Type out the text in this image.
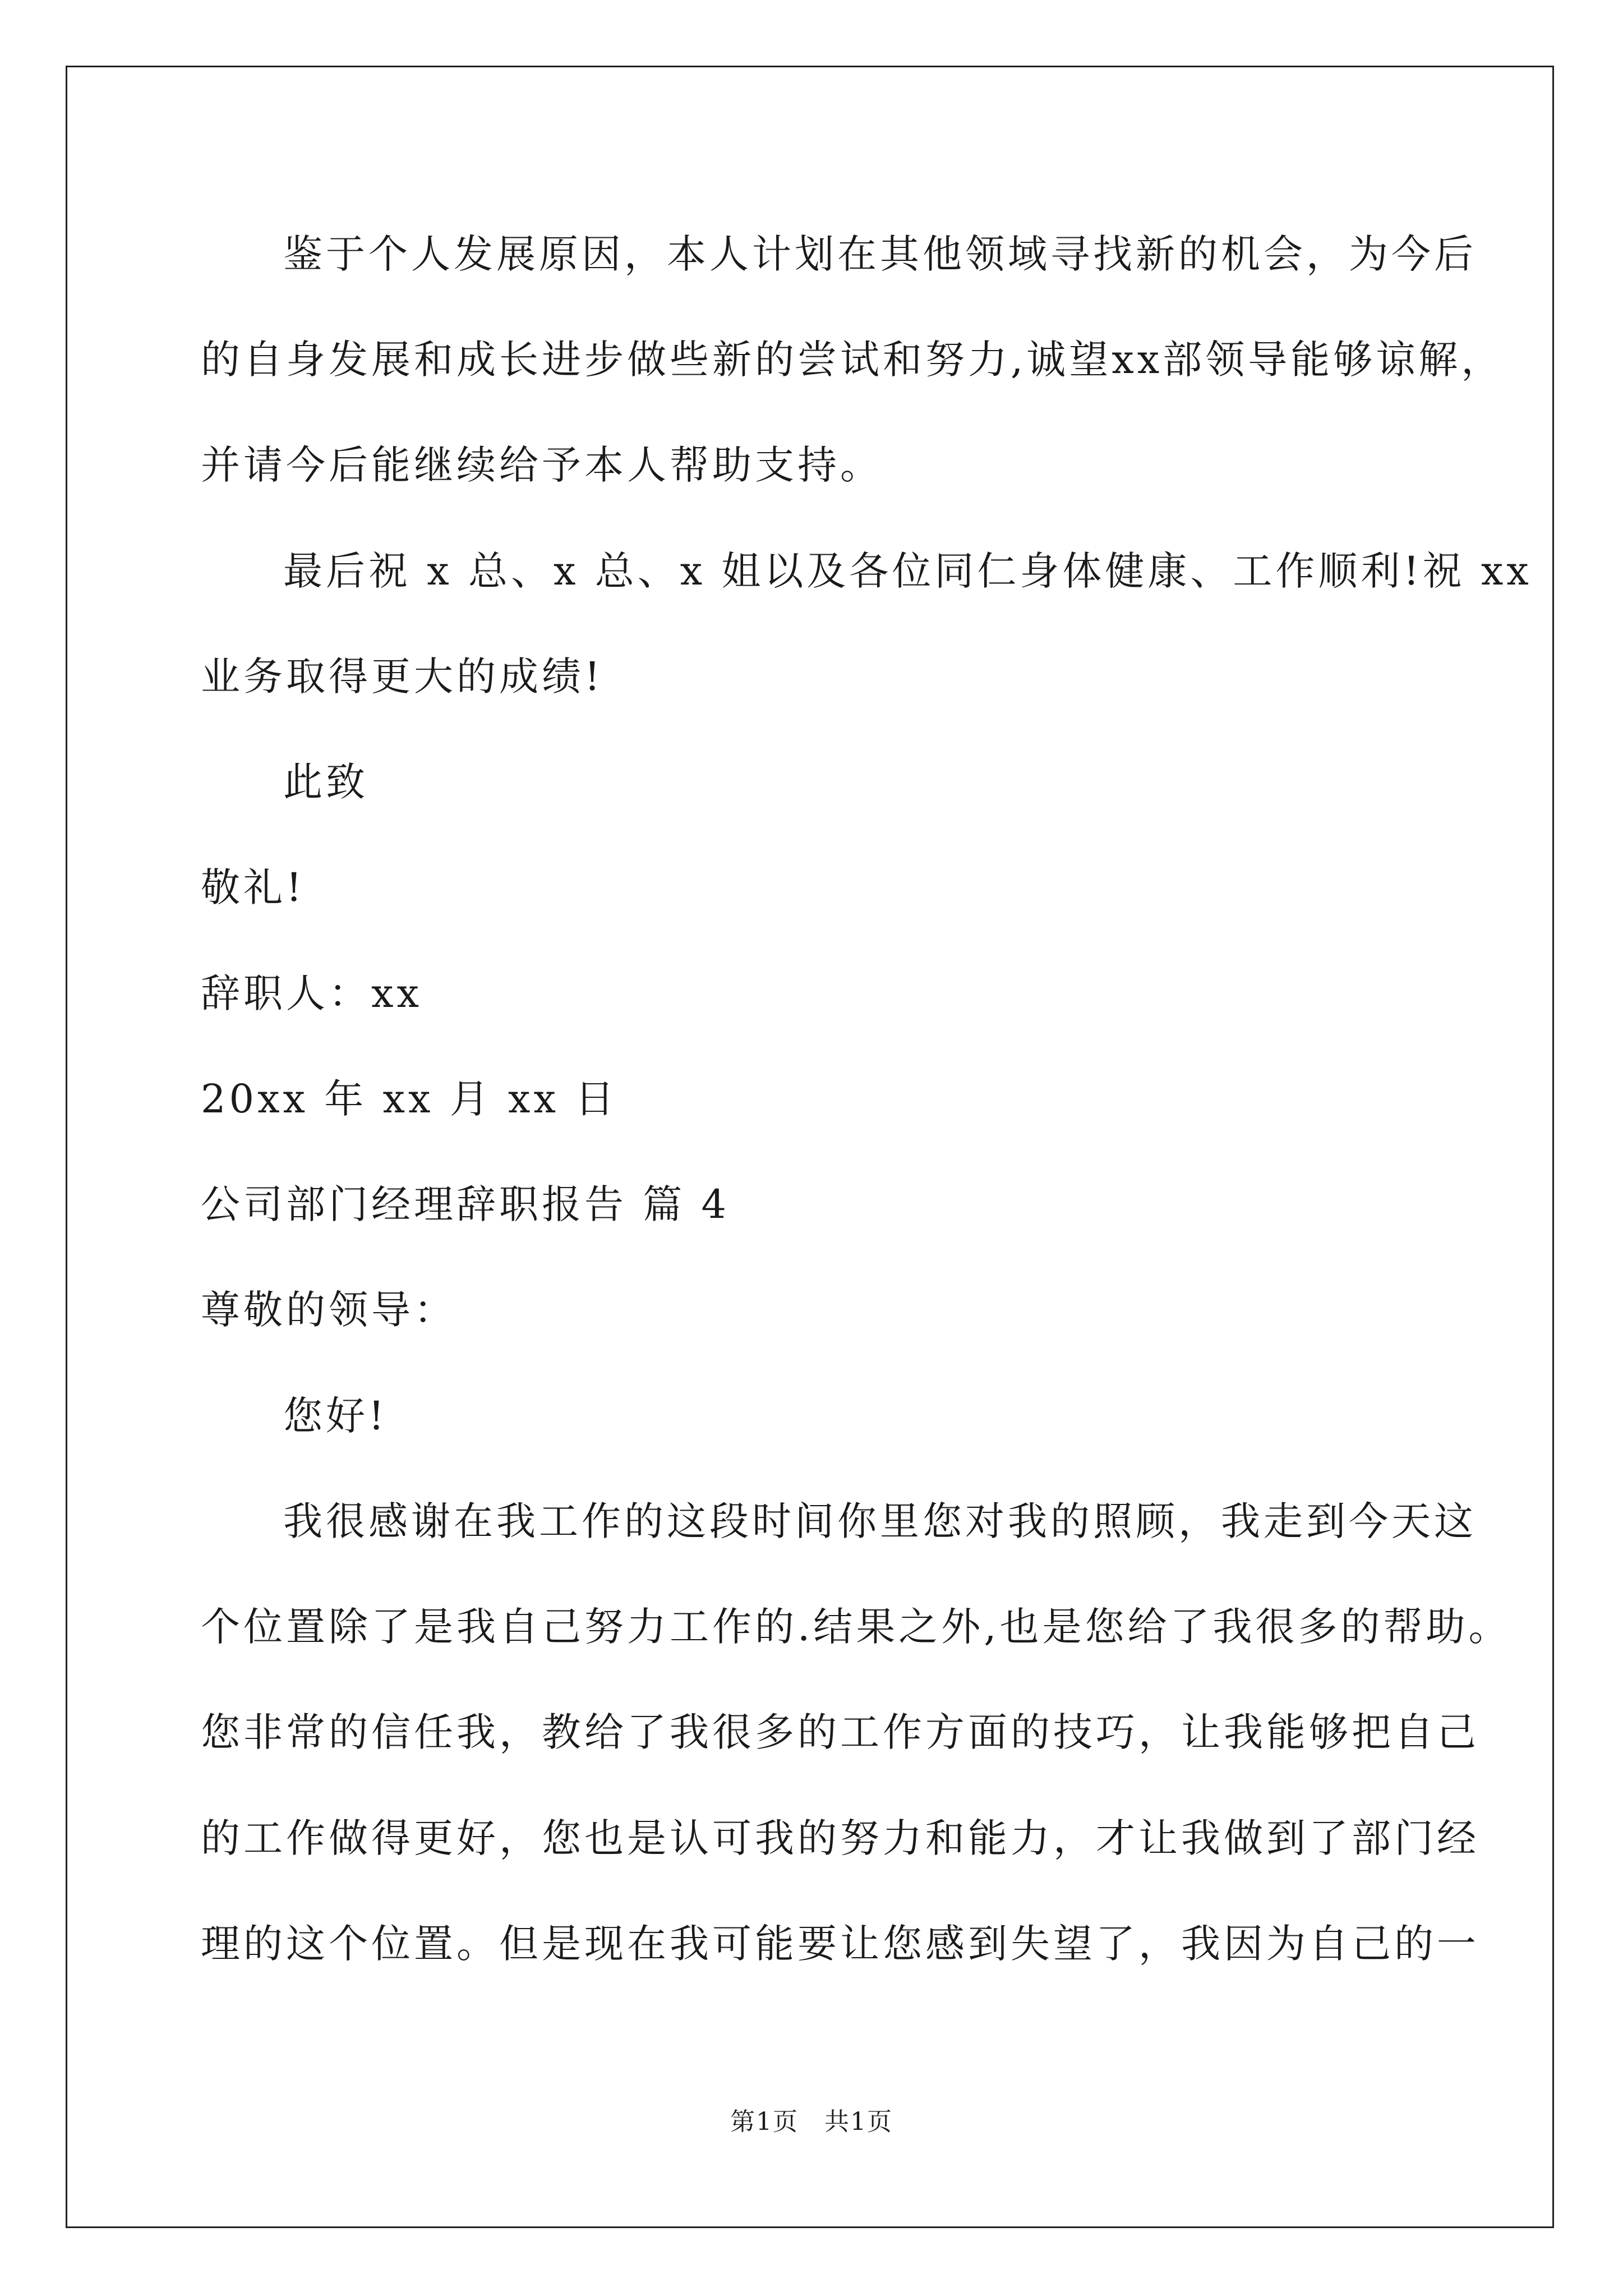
鉴于个人发展原因，本人计划在其他领域寻找新的机会，为今后
的自身发展和成长进步做些新的尝试和努力,诚望xx部领导能够谅解，
并请今后能继续给予本人帮助支持。
最后祝 x 总、x 总、x 姐以及各位同仁身体健康、工作顺利!祝 xx
业务取得更大的成绩!
此致
敬礼!
辞职人：xx
20xx 年 xx 月 xx 日
公司部门经理辞职报告 篇 4
尊敬的领导：
您好!
我很感谢在我工作的这段时间你里您对我的照顾，我走到今天这
个位置除了是我自己努力工作的.结果之外,也是您给了我很多的帮助。
您非常的信任我，教给了我很多的工作方面的技巧，让我能够把自己
的工作做得更好，您也是认可我的努力和能力，才让我做到了部门经
理的这个位置。但是现在我可能要让您感到失望了，我因为自己的一
第1页　共1页
